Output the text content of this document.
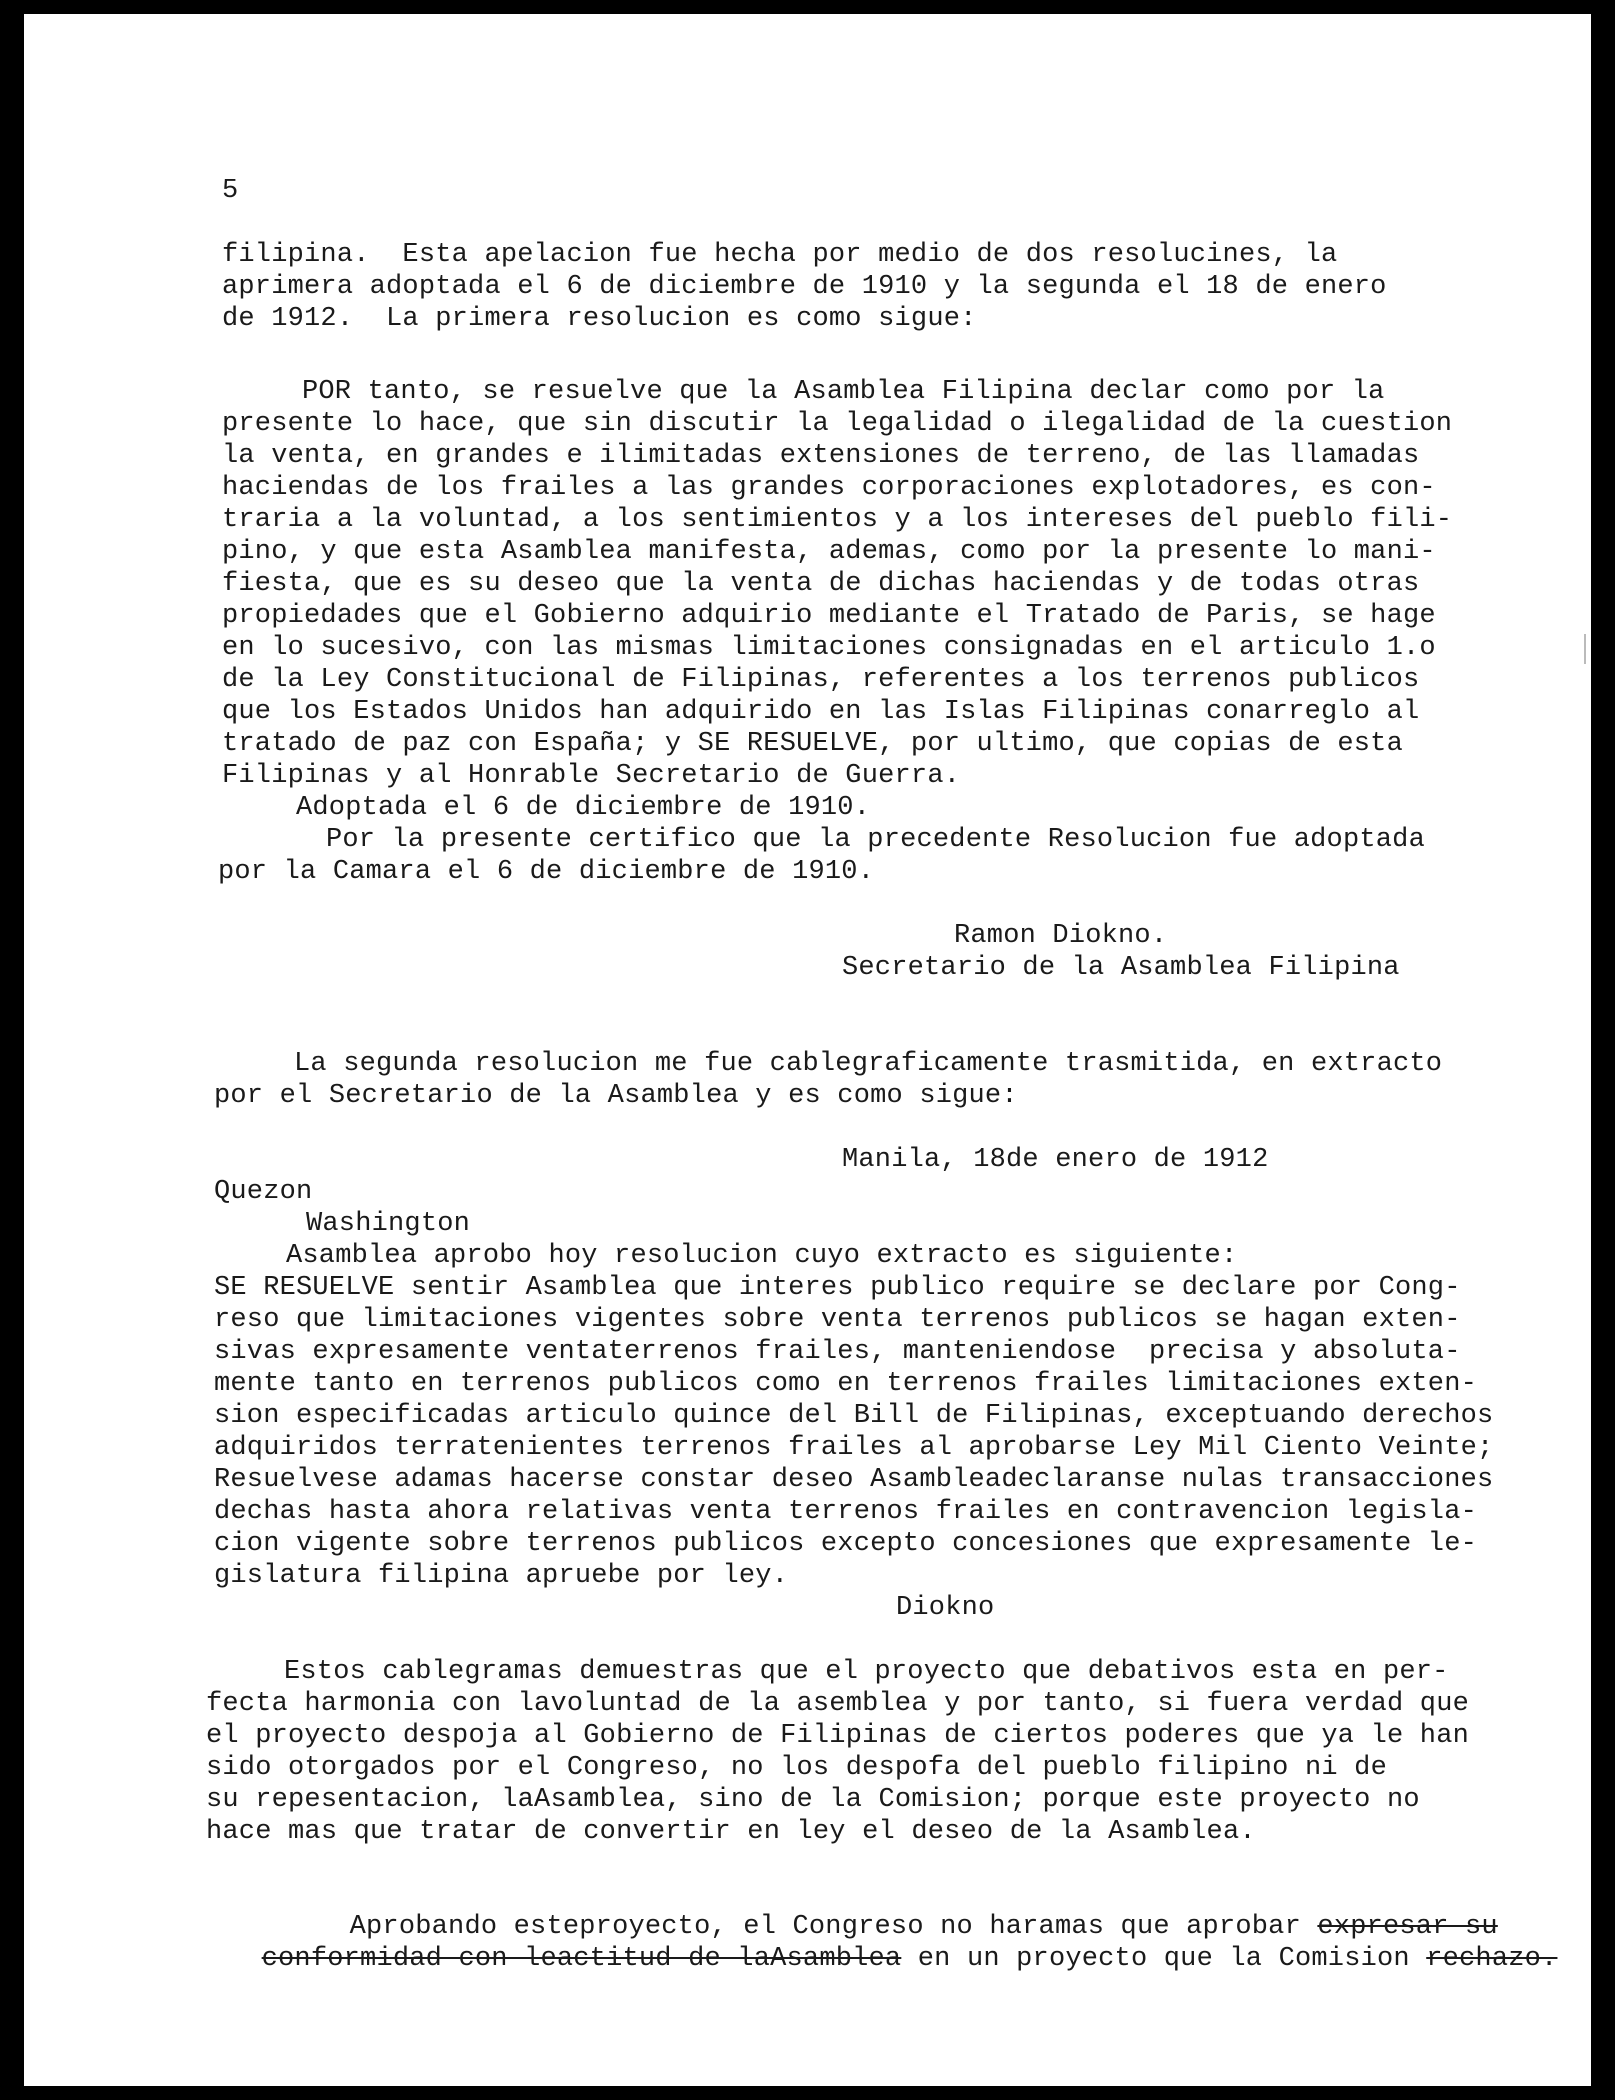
5
filipina.  Esta apelacion fue hecha por medio de dos resolucines, la
aprimera adoptada el 6 de diciembre de 1910 y la segunda el 18 de enero
de 1912.  La primera resolucion es como sigue:
POR tanto, se resuelve que la Asamblea Filipina declar como por la
presente lo hace, que sin discutir la legalidad o ilegalidad de la cuestion
la venta, en grandes e ilimitadas extensiones de terreno, de las llamadas
haciendas de los frailes a las grandes corporaciones explotadores, es con-
traria a la voluntad, a los sentimientos y a los intereses del pueblo fili-
pino, y que esta Asamblea manifesta, ademas, como por la presente lo mani-
fiesta, que es su deseo que la venta de dichas haciendas y de todas otras
propiedades que el Gobierno adquirio mediante el Tratado de Paris, se hage
en lo sucesivo, con las mismas limitaciones consignadas en el articulo 1.o
de la Ley Constitucional de Filipinas, referentes a los terrenos publicos
que los Estados Unidos han adquirido en las Islas Filipinas conarreglo al
tratado de paz con España; y SE RESUELVE, por ultimo, que copias de esta
Filipinas y al Honrable Secretario de Guerra.
Adoptada el 6 de diciembre de 1910.
Por la presente certifico que la precedente Resolucion fue adoptada
por la Camara el 6 de diciembre de 1910.
Ramon Diokno.
Secretario de la Asamblea Filipina
La segunda resolucion me fue cablegraficamente trasmitida, en extracto
por el Secretario de la Asamblea y es como sigue:
Manila, 18de enero de 1912
Quezon
Washington
Asamblea aprobo hoy resolucion cuyo extracto es siguiente:
SE RESUELVE sentir Asamblea que interes publico require se declare por Cong-
reso que limitaciones vigentes sobre venta terrenos publicos se hagan exten-
sivas expresamente ventaterrenos frailes, manteniendose  precisa y absoluta-
mente tanto en terrenos publicos como en terrenos frailes limitaciones exten-
sion especificadas articulo quince del Bill de Filipinas, exceptuando derechos
adquiridos terratenientes terrenos frailes al aprobarse Ley Mil Ciento Veinte;
Resuelvese adamas hacerse constar deseo Asambleadeclaranse nulas transacciones
dechas hasta ahora relativas venta terrenos frailes en contravencion legisla-
cion vigente sobre terrenos publicos excepto concesiones que expresamente le-
gislatura filipina apruebe por ley.
Diokno
Estos cablegramas demuestras que el proyecto que debativos esta en per-
fecta harmonia con lavoluntad de la asemblea y por tanto, si fuera verdad que
el proyecto despoja al Gobierno de Filipinas de ciertos poderes que ya le han
sido otorgados por el Congreso, no los despofa del pueblo filipino ni de
su repesentacion, laAsamblea, sino de la Comision; porque este proyecto no
hace mas que tratar de convertir en ley el deseo de la Asamblea.

Aprobando esteproyecto, el Congreso no haramas que aprobar expresar su

conformidad con leactitud de laAsamblea en un proyecto que la Comision rechazo.
